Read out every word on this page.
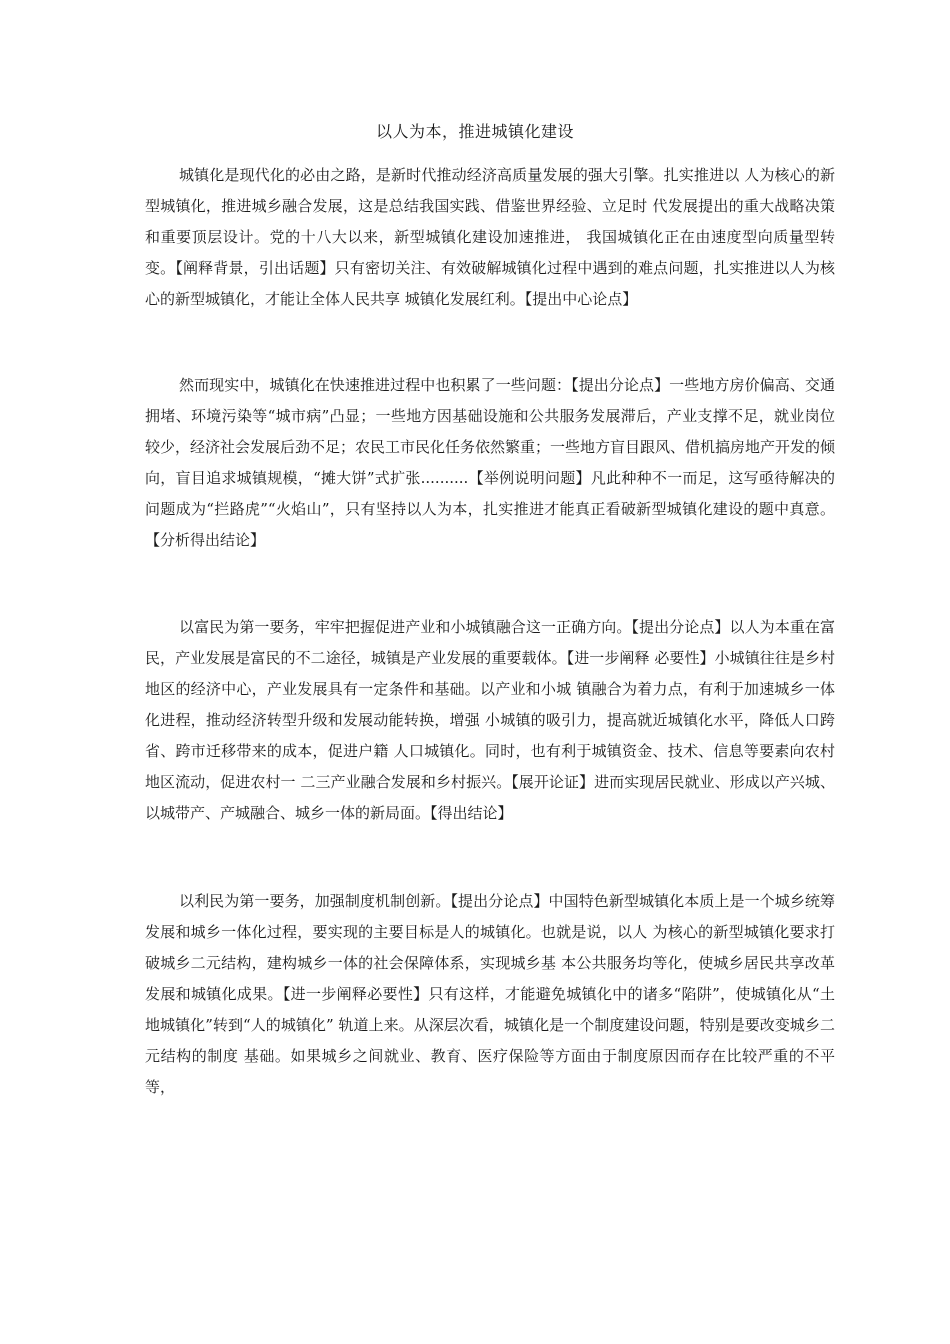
以人为本，推进城镇化建设

城镇化是现代化的必由之路，是新时代推动经济高质量发展的强大引擎。扎实推进以 人为核心的新型城镇化，推进城乡融合发展，这是总结我国实践、借鉴世界经验、立足时 代发展提出的重大战略决策和重要顶层设计。党的十八大以来，新型城镇化建设加速推进， 我国城镇化正在由速度型向质量型转变。【阐释背景，引出话题】只有密切关注、有效破解城镇化过程中遇到的难点问题，扎实推进以人为核心的新型城镇化，才能让全体人民共享 城镇化发展红利。【提出中心论点】

然而现实中，城镇化在快速推进过程中也积累了一些问题：【提出分论点】一些地方房价偏高、交通拥堵、环境污染等“城市病”凸显；一些地方因基础设施和公共服务发展滞后，产业支撑不足，就业岗位较少，经济社会发展后劲不足；农民工市民化任务依然繁重；一些地方盲目跟风、借机搞房地产开发的倾向，盲目追求城镇规模，“摊大饼”式扩张..........【举例说明问题】凡此种种不一而足，这写亟待解决的问题成为“拦路虎”“火焰山”，只有坚持以人为本，扎实推进才能真正看破新型城镇化建设的题中真意。【分析得出结论】

以富民为第一要务，牢牢把握促进产业和小城镇融合这一正确方向。【提出分论点】以人为本重在富民，产业发展是富民的不二途径，城镇是产业发展的重要载体。【进一步阐释 必要性】小城镇往往是乡村地区的经济中心，产业发展具有一定条件和基础。以产业和小城 镇融合为着力点，有利于加速城乡一体化进程，推动经济转型升级和发展动能转换，增强 小城镇的吸引力，提高就近城镇化水平，降低人口跨省、跨市迁移带来的成本，促进户籍 人口城镇化。同时，也有利于城镇资金、技术、信息等要素向农村地区流动，促进农村一 二三产业融合发展和乡村振兴。【展开论证】进而实现居民就业、形成以产兴城、以城带产、产城融合、城乡一体的新局面。【得出结论】

以利民为第一要务，加强制度机制创新。【提出分论点】中国特色新型城镇化本质上是一个城乡统筹发展和城乡一体化过程，要实现的主要目标是人的城镇化。也就是说，以人 为核心的新型城镇化要求打破城乡二元结构，建构城乡一体的社会保障体系，实现城乡基 本公共服务均等化，使城乡居民共享改革发展和城镇化成果。【进一步阐释必要性】只有这样，才能避免城镇化中的诸多“陷阱”，使城镇化从“土地城镇化”转到“人的城镇化” 轨道上来。从深层次看，城镇化是一个制度建设问题，特别是要改变城乡二元结构的制度 基础。如果城乡之间就业、教育、医疗保险等方面由于制度原因而存在比较严重的不平等，
